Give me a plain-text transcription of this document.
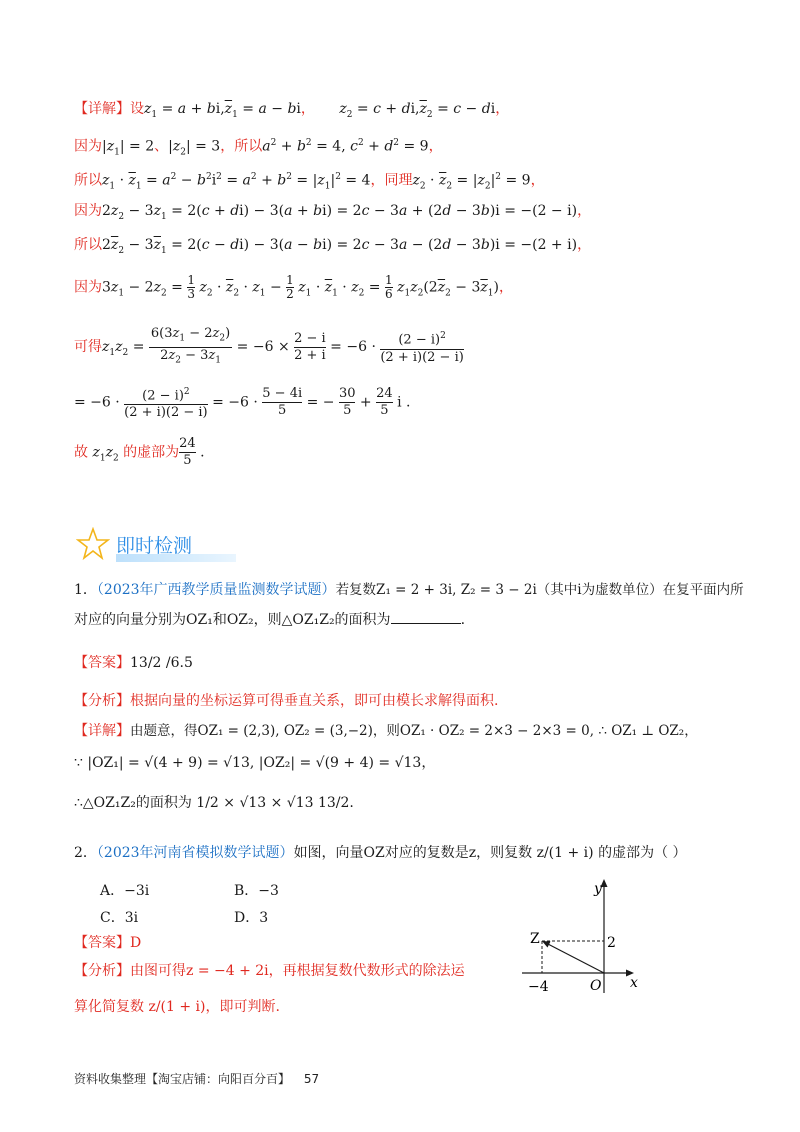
【详解】设$z_1 = a + bi,\overline{z}_1 = a$ − bi， $z_2 = c + di,\overline{z}_2 = c$ − di，
因为$|z_1| = 2$、$|z_2| = 3$，所以$a^2 + b^2 = 4$, $c^2 + d^2 = 9$，
所以$z_1 \cdot \overline{z}_1 = a^2 - b^2i^2 = a^2 + b^2 = |z_1|^2 = 4$，同理$z_2 \cdot \overline{z}_2 = |z_2|^2 = 9$，
因为$2z_2 - 3z_1 = 2(c + di) - 3(a + bi) = 2c - 3a + (2d - 3b)i = -(2 - i)$，
所以$2\overline{z}_2 - 3\overline{z}_1 = 2(c - di) - 3(a - bi) = 2c - 3a - (2d - 3b)i = -(2 + i)$，
因为$3z_1 - 2z_2 = \frac{1}{3} z_2 \cdot \overline{z}_2 \cdot z_1 - \frac{1}{2} z_1 \cdot \overline{z}_1 \cdot z_2 = \frac{1}{6} z_1z_2(2\overline{z}_2 - 3\overline{z}_1)$，
可得$z_1z_2 = \frac{6(3z_1 - 2z_2)}{2\overline{z}_2 - 3\overline{z}_1} = -6 \times \frac{2 - i}{2 + i} = -6 \cdot \frac{(2 - i)^2}{(2 + i)(2 - i)}$
= $-6 \cdot \frac{(2 - i)^2}{(2 + i)(2 - i)} = -6 \cdot \frac{5 - 4i}{5}$ = − $\frac{30}{5} + \frac{24}{5}$ i .
故 $z_1z_2$ 的虚部为 $\frac{24}{5}$ .
即时检测
1．（2023年广西教学质量监测数学试题）若复数Z₁ = 2 + 3i, Z₂ = 3 − 2i（其中i为虚数单位）在复平面内所
对应的向量分别为OZ₁和OZ₂，则△OZ₁Z₂的面积为	.
【答案】13/2 /6.5
【分析】根据向量的坐标运算可得垂直关系，即可由模长求解得面积.
【详解】由题意，得OZ₁ = (2,3), OZ₂ = (3,−2)，则OZ₁ · OZ₂ = 2×3 − 2×3 = 0, ∴ OZ₁ ⊥ OZ₂，
∵ |OZ₁| = √(4 + 9) = √13, |OZ₂| = √(9 + 4) = √13，
∴△OZ₁Z₂的面积为 1/2 × √13 × √13 13/2.
2．（2023年河南省模拟数学试题）如图，向量OZ对应的复数是z，则复数 z/(1 + i) 的虚部为（ ）
A．−3i	B．−3
C．3i	D．3
【答案】D
【分析】由图可得z = −4 + 2i，再根据复数代数形式的除法运
算化简复数 z/(1 + i)，即可判断.
y
x
O
Z	2
−4
资料收集整理【淘宝店铺：向阳百分百】 57
